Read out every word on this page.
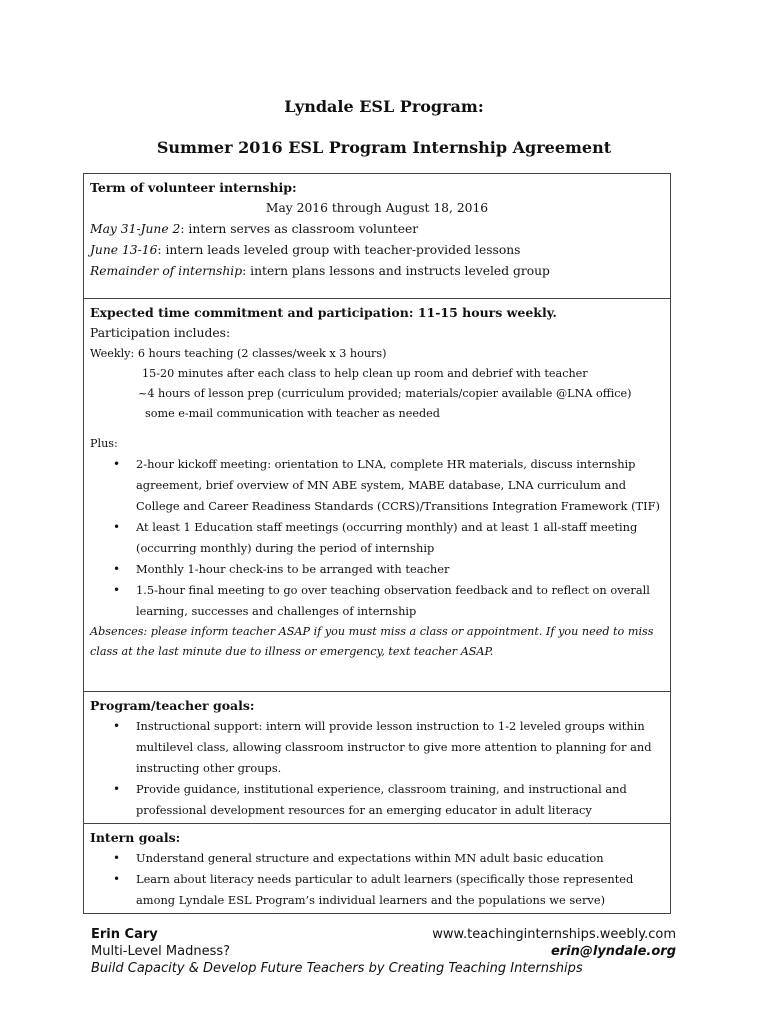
Lyndale ESL Program:
Summer 2016 ESL Program Internship Agreement
Term of volunteer internship:
May 2016 through August 18, 2016
May 31-June 2: intern serves as classroom volunteer
June 13-16: intern leads leveled group with teacher-provided lessons
Remainder of internship: intern plans lessons and instructs leveled group

Expected time commitment and participation: 11-15 hours weekly.
Participation includes:
Weekly: 6 hours teaching (2 classes/week x 3 hours)
15-20 minutes after each class to help clean up room and debrief with teacher
~4 hours of lesson prep (curriculum provided; materials/copier available @LNA office)
some e-mail communication with teacher as needed
Plus:
• 2-hour kickoff meeting: orientation to LNA, complete HR materials, discuss internship agreement, brief overview of MN ABE system, MABE database, LNA curriculum and College and Career Readiness Standards (CCRS)/Transitions Integration Framework (TIF)
• At least 1 Education staff meetings (occurring monthly) and at least 1 all-staff meeting (occurring monthly) during the period of internship
• Monthly 1-hour check-ins to be arranged with teacher
• 1.5-hour final meeting to go over teaching observation feedback and to reflect on overall learning, successes and challenges of internship
Absences: please inform teacher ASAP if you must miss a class or appointment. If you need to miss class at the last minute due to illness or emergency, text teacher ASAP.

Program/teacher goals:
• Instructional support: intern will provide lesson instruction to 1-2 leveled groups within multilevel class, allowing classroom instructor to give more attention to planning for and instructing other groups.
• Provide guidance, institutional experience, classroom training, and instructional and professional development resources for an emerging educator in adult literacy

Intern goals:
• Understand general structure and expectations within MN adult basic education
• Learn about literacy needs particular to adult learners (specifically those represented among Lyndale ESL Program’s individual learners and the populations we serve)
Erin Cary	www.teachinginternships.weebly.com
Multi-Level Madness?	erin@lyndale.org
Build Capacity & Develop Future Teachers by Creating Teaching Internships
